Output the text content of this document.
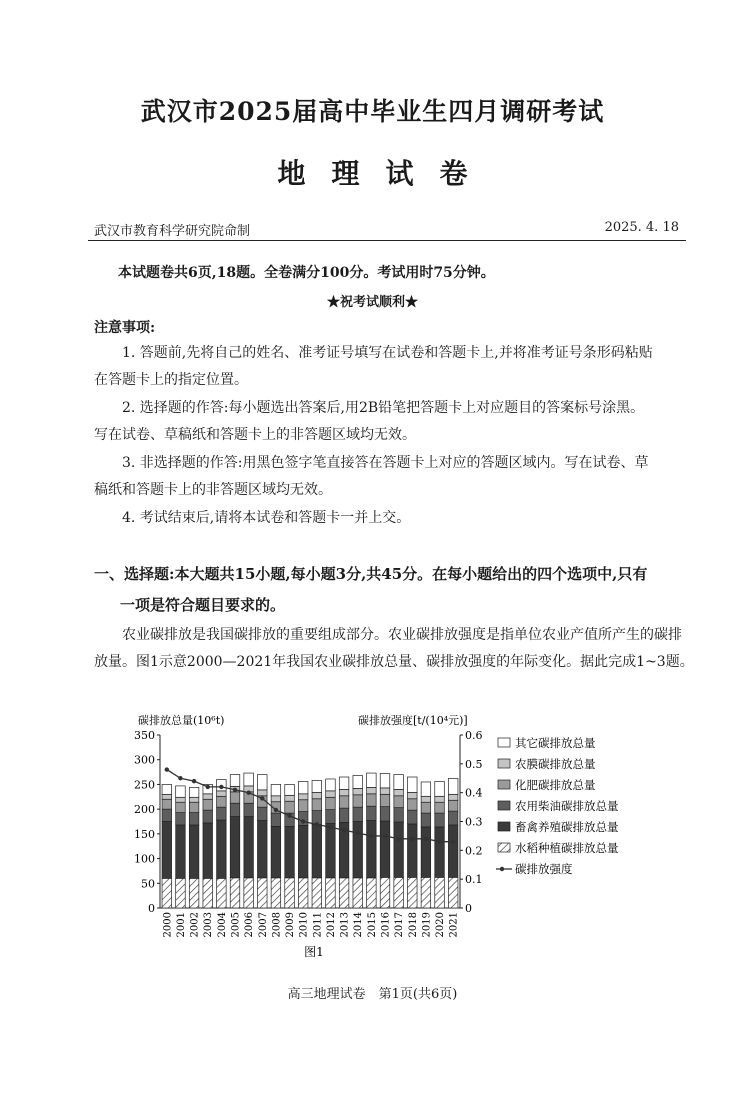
武汉市2025届高中毕业生四月调研考试
地理试卷
武汉市教育科学研究院命制	2025. 4. 18
本试题卷共6页,18题。全卷满分100分。考试用时75分钟。
★祝考试顺利★
注意事项:
1. 答题前,先将自己的姓名、准考证号填写在试卷和答题卡上,并将准考证号条形码粘贴在答题卡上的指定位置。
2. 选择题的作答:每小题选出答案后,用2B铅笔把答题卡上对应题目的答案标号涂黑。写在试卷、草稿纸和答题卡上的非答题区域均无效。
3. 非选择题的作答:用黑色签字笔直接答在答题卡上对应的答题区域内。写在试卷、草稿纸和答题卡上的非答题区域均无效。
4. 考试结束后,请将本试卷和答题卡一并上交。
一、选择题:本大题共15小题,每小题3分,共45分。在每小题给出的四个选项中,只有
一项是符合题目要求的。
农业碳排放是我国碳排放的重要组成部分。农业碳排放强度是指单位农业产值所产生的碳排放量。图1示意2000—2021年我国农业碳排放总量、碳排放强度的年际变化。据此完成1~3题。
碳排放总量(10⁶t)	碳排放强度[t/(10⁴元)]
0
50
100
150
200
250
300
350
0
0.1
0.2
0.3
0.4
0.5
0.6
2000 2001 2002 2003 2004 2005 2006 2007 2008 2009 2010 2011 2012 2013 2014 2015 2016 2017 2018 2019 2020 2021
其它碳排放总量
农膜碳排放总量
化肥碳排放总量
农用柴油碳排放总量
畜禽养殖碳排放总量
水稻种植碳排放总量
碳排放强度
图1
高三地理试卷　第1页(共6页)
